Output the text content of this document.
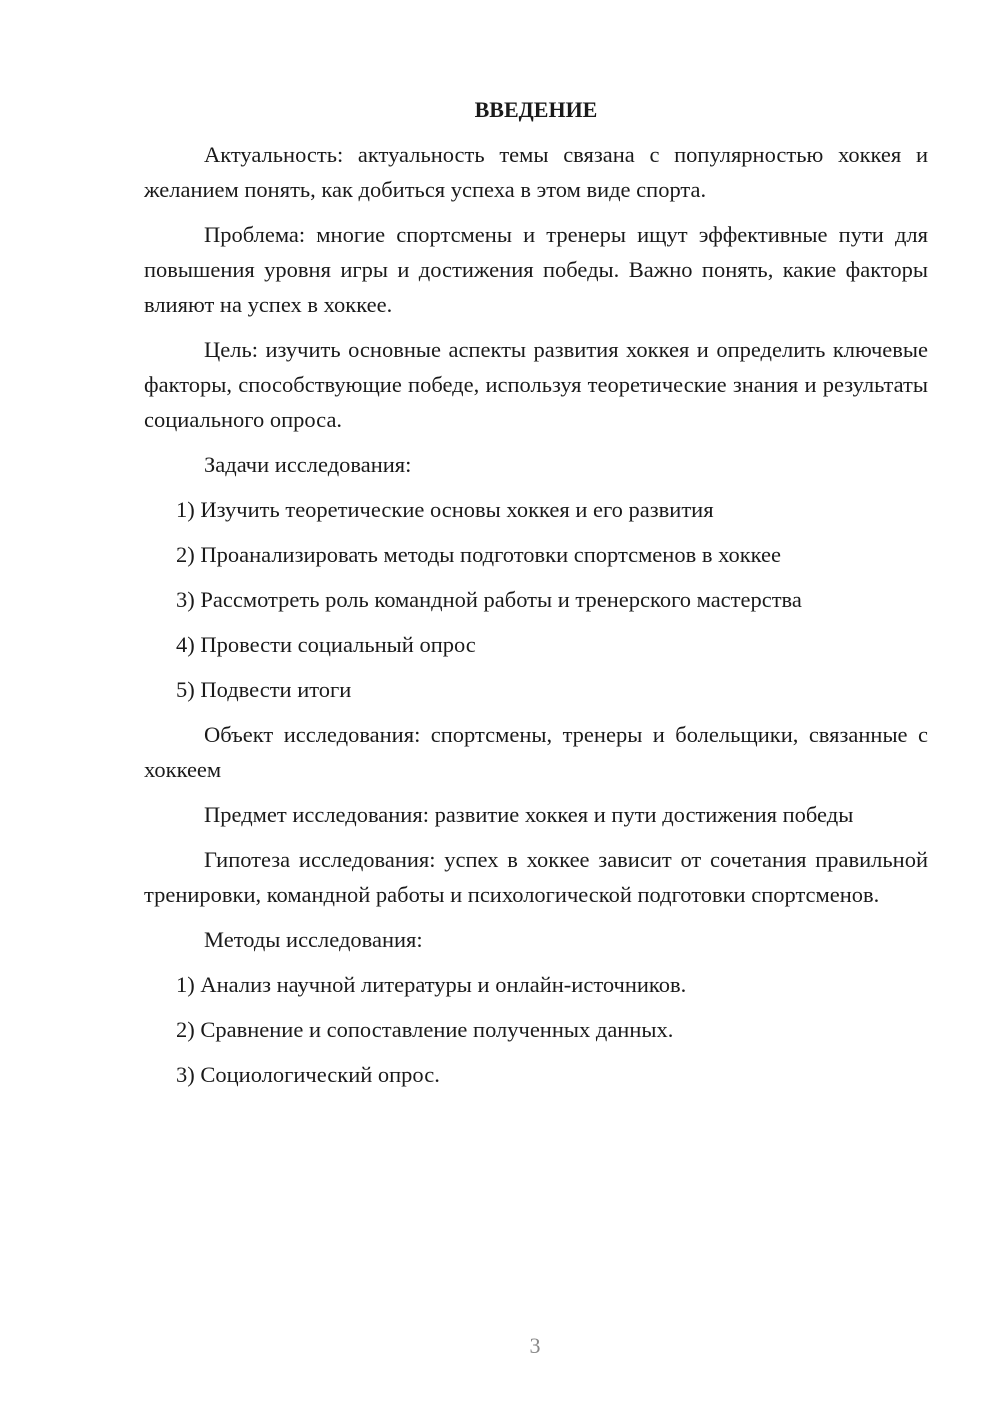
ВВЕДЕНИЕ

Актуальность: актуальность темы связана с популярностью хоккея и желанием понять, как добиться успеха в этом виде спорта.

Проблема: многие спортсмены и тренеры ищут эффективные пути для повышения уровня игры и достижения победы. Важно понять, какие факторы влияют на успех в хоккее.

Цель: изучить основные аспекты развития хоккея и определить ключевые факторы, способствующие победе, используя теоретические знания и результаты социального опроса.

Задачи исследования:

1) Изучить теоретические основы хоккея и его развития

2) Проанализировать методы подготовки спортсменов в хоккее

3) Рассмотреть роль командной работы и тренерского мастерства

4) Провести социальный опрос

5) Подвести итоги

Объект исследования: спортсмены, тренеры и болельщики, связанные с хоккеем

Предмет исследования: развитие хоккея и пути достижения победы

Гипотеза исследования: успех в хоккее зависит от сочетания правильной тренировки, командной работы и психологической подготовки спортсменов.

Методы исследования:

1) Анализ научной литературы и онлайн-источников.

2) Сравнение и сопоставление полученных данных.

3) Социологический опрос.

3
